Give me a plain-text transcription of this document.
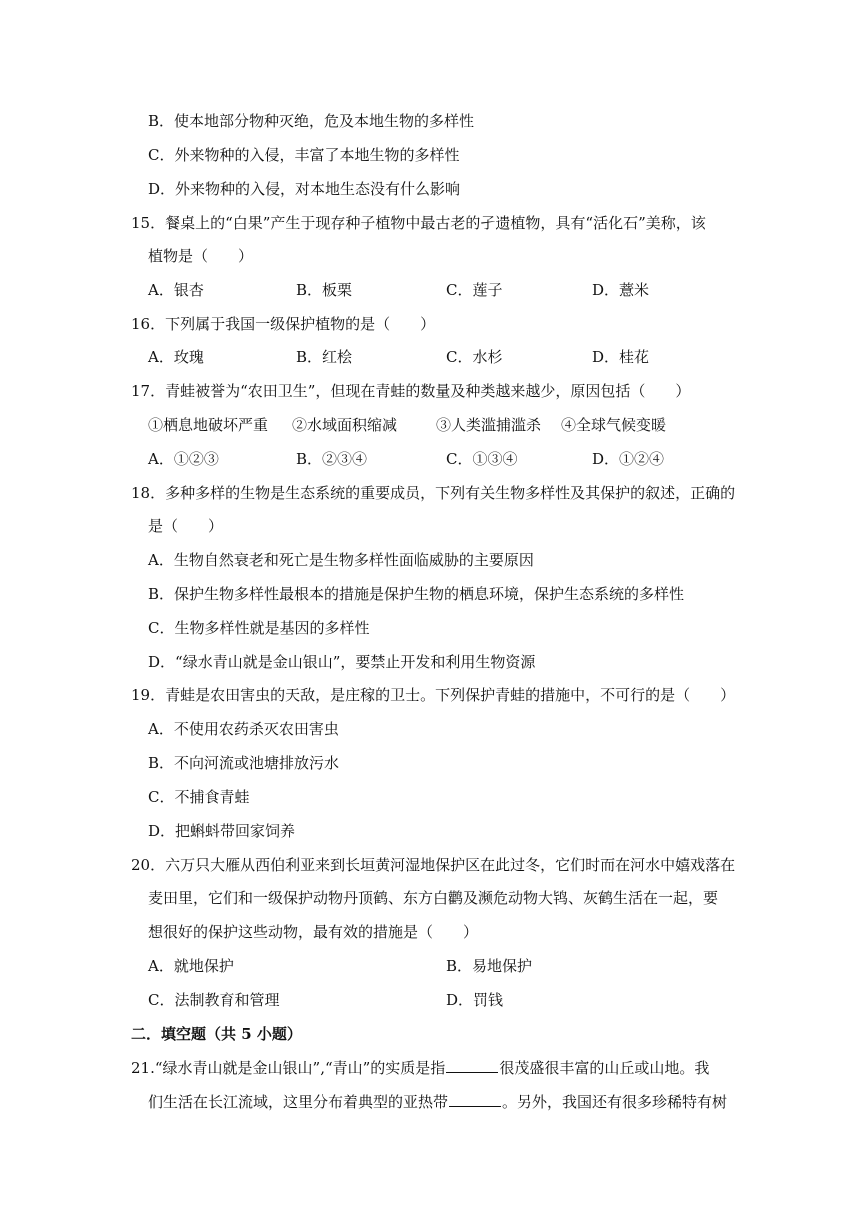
B．使本地部分物种灭绝，危及本地生物的多样性
C．外来物种的入侵，丰富了本地生物的多样性
D．外来物种的入侵，对本地生态没有什么影响
15．餐桌上的“白果”产生于现存种子植物中最古老的孑遗植物，具有“活化石”美称，该
植物是（　　）
A．银杏	B．板栗	C．莲子	D．薏米
16．下列属于我国一级保护植物的是（　　）
A．玫瑰	B．红桧	C．水杉	D．桂花
17．青蛙被誉为“农田卫生”，但现在青蛙的数量及种类越来越少，原因包括（　　）
①栖息地破坏严重 ②水域面积缩减	③人类滥捕滥杀 ④全球气候变暖
A．①②③	B．②③④	C．①③④	D．①②④
18．多种多样的生物是生态系统的重要成员，下列有关生物多样性及其保护的叙述，正确的
是（　　）
A．生物自然衰老和死亡是生物多样性面临威胁的主要原因
B．保护生物多样性最根本的措施是保护生物的栖息环境，保护生态系统的多样性
C．生物多样性就是基因的多样性
D．“绿水青山就是金山银山”，要禁止开发和利用生物资源
19．青蛙是农田害虫的天敌，是庄稼的卫士。下列保护青蛙的措施中，不可行的是（　　）
A．不使用农药杀灭农田害虫
B．不向河流或池塘排放污水
C．不捕食青蛙
D．把蝌蚪带回家饲养
20．六万只大雁从西伯利亚来到长垣黄河湿地保护区在此过冬，它们时而在河水中嬉戏落在
麦田里，它们和一级保护动物丹顶鹤、东方白鹳及濒危动物大鸨、灰鹤生活在一起，要
想很好的保护这些动物，最有效的措施是（　　）
A．就地保护	B．易地保护
C．法制教育和管理	D．罚钱
二．填空题（共 5 小题）
21.“绿水青山就是金山银山”,“青山”的实质是指	很茂盛很丰富的山丘或山地。我
们生活在长江流域，这里分布着典型的亚热带	。另外，我国还有很多珍稀特有树
